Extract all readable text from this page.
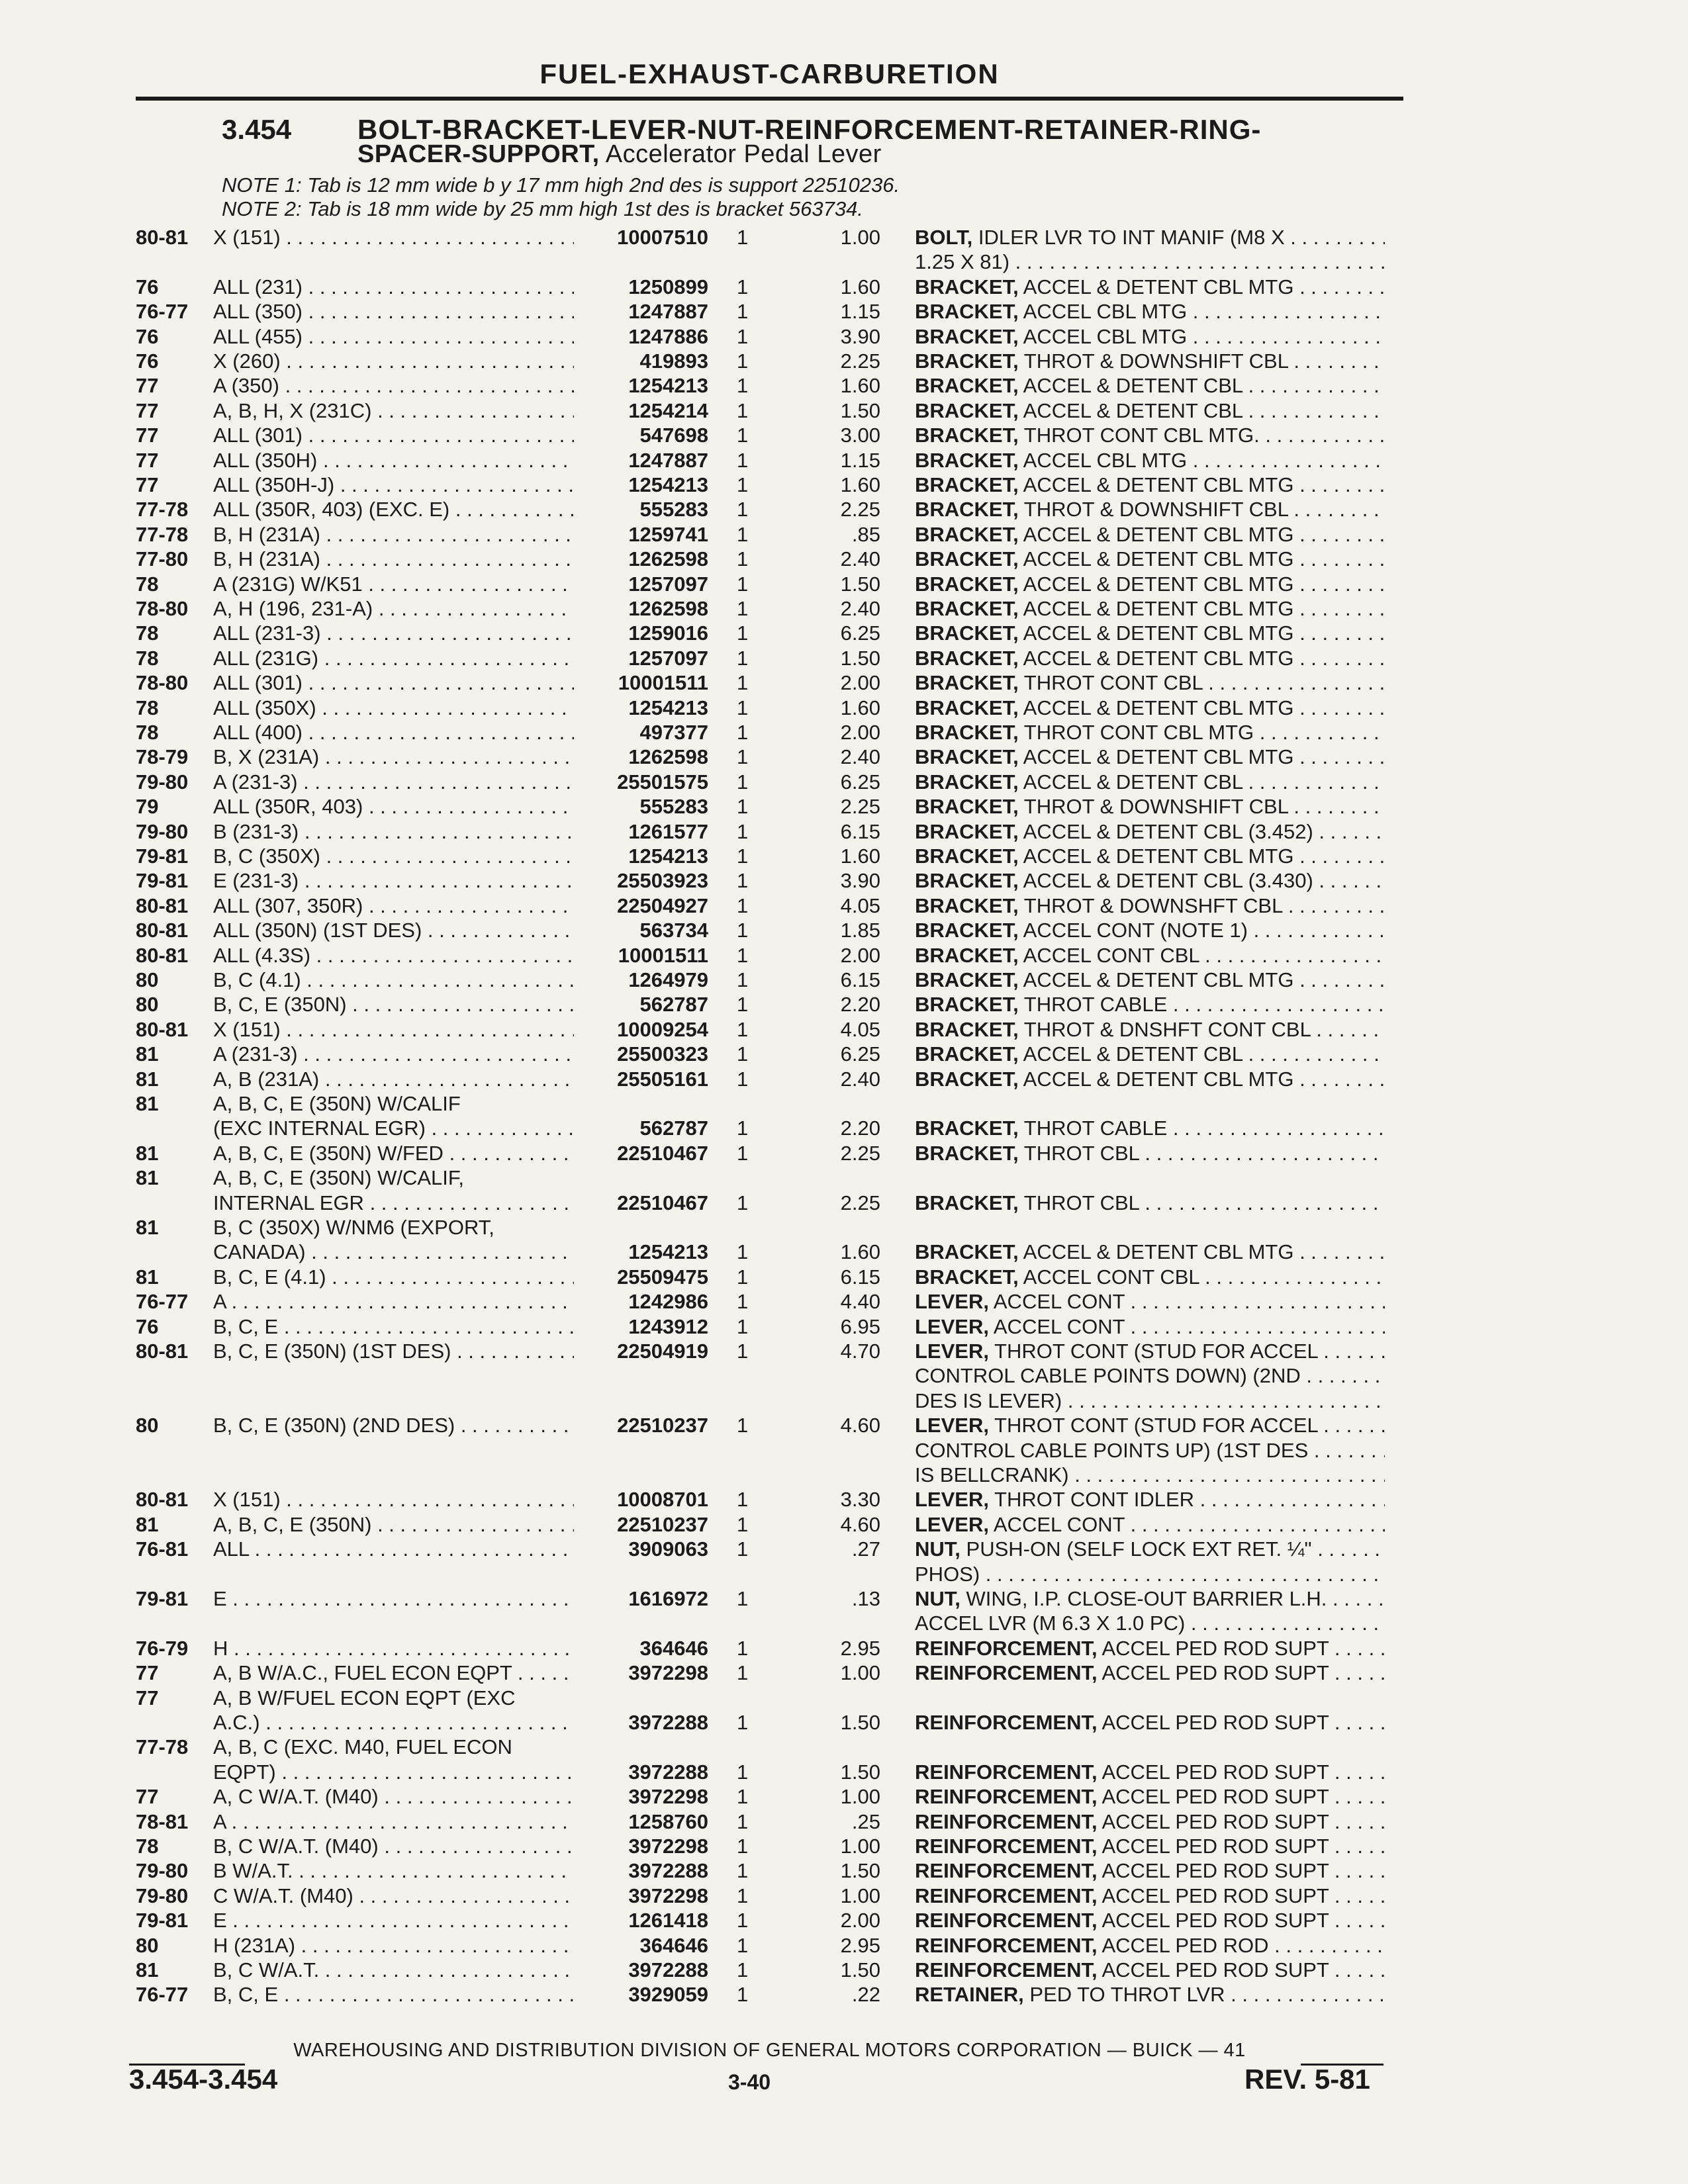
FUEL-EXHAUST-CARBURETION
3.454 BOLT-BRACKET-LEVER-NUT-REINFORCEMENT-RETAINER-RING-
SPACER-SUPPORT, Accelerator Pedal Lever
NOTE 1: Tab is 12 mm wide b y 17 mm high 2nd des is support 22510236.
NOTE 2: Tab is 18 mm wide by 25 mm high 1st des is bracket 563734.
80-81 X (151) . . .	10007510 1	1.00 BOLT, IDLER LVR TO INT MANIF (M8 X . . .
1.25 X 81) . . .
76	ALL (231) . . .	1250899 1	1.60 BRACKET, ACCEL & DETENT CBL MTG . . .
76-77 ALL (350) . . .	1247887 1	1.15 BRACKET, ACCEL CBL MTG . . .
76	ALL (455) . . .	1247886 1	3.90 BRACKET, ACCEL CBL MTG . . .
76	X (260) . . .	419893 1	2.25 BRACKET, THROT & DOWNSHIFT CBL . . .
77	A (350) . . .	1254213 1	1.60 BRACKET, ACCEL & DETENT CBL . . .
77	A, B, H, X (231C) . . .	1254214 1	1.50 BRACKET, ACCEL & DETENT CBL . . .
77	ALL (301) . . .	547698 1	3.00 BRACKET, THROT CONT CBL MTG. . . .
77	ALL (350H) . . .	1247887 1	1.15 BRACKET, ACCEL CBL MTG . . .
77	ALL (350H-J) . . .	1254213 1	1.60 BRACKET, ACCEL & DETENT CBL MTG . . .
77-78 ALL (350R, 403) (EXC. E) . . .	555283 1	2.25 BRACKET, THROT & DOWNSHIFT CBL . . .
77-78 B, H (231A) . . .	1259741 1	.85 BRACKET, ACCEL & DETENT CBL MTG . . .
77-80 B, H (231A) . . .	1262598 1	2.40 BRACKET, ACCEL & DETENT CBL MTG . . .
78	A (231G) W/K51 . . .	1257097 1	1.50 BRACKET, ACCEL & DETENT CBL MTG . . .
78-80 A, H (196, 231-A) . . .	1262598 1	2.40 BRACKET, ACCEL & DETENT CBL MTG . . .
78	ALL (231-3) . . .	1259016 1	6.25 BRACKET, ACCEL & DETENT CBL MTG . . .
78	ALL (231G) . . .	1257097 1	1.50 BRACKET, ACCEL & DETENT CBL MTG . . .
78-80 ALL (301) . . .	10001511 1	2.00 BRACKET, THROT CONT CBL . . .
78	ALL (350X) . . .	1254213 1	1.60 BRACKET, ACCEL & DETENT CBL MTG . . .
78	ALL (400) . . .	497377 1	2.00 BRACKET, THROT CONT CBL MTG . . .
78-79 B, X (231A) . . .	1262598 1	2.40 BRACKET, ACCEL & DETENT CBL MTG . . .
79-80 A (231-3) . . .	25501575 1	6.25 BRACKET, ACCEL & DETENT CBL . . .
79	ALL (350R, 403) . . .	555283 1	2.25 BRACKET, THROT & DOWNSHIFT CBL . . .
79-80 B (231-3) . . .	1261577 1	6.15 BRACKET, ACCEL & DETENT CBL (3.452) . . .
79-81 B, C (350X) . . .	1254213 1	1.60 BRACKET, ACCEL & DETENT CBL MTG . . .
79-81 E (231-3) . . .	25503923 1	3.90 BRACKET, ACCEL & DETENT CBL (3.430) . . .
80-81 ALL (307, 350R) . . .	22504927 1	4.05 BRACKET, THROT & DOWNSHFT CBL . . .
80-81 ALL (350N) (1ST DES) . . .	563734 1	1.85 BRACKET, ACCEL CONT (NOTE 1) . . .
80-81 ALL (4.3S) . . .	10001511 1	2.00 BRACKET, ACCEL CONT CBL . . .
80	B, C (4.1) . . .	1264979 1	6.15 BRACKET, ACCEL & DETENT CBL MTG . . .
80	B, C, E (350N) . . .	562787 1	2.20 BRACKET, THROT CABLE . . .
80-81 X (151) . . .	10009254 1	4.05 BRACKET, THROT & DNSHFT CONT CBL . . .
81	A (231-3) . . .	25500323 1	6.25 BRACKET, ACCEL & DETENT CBL . . .
81	A, B (231A) . . .	25505161 1	2.40 BRACKET, ACCEL & DETENT CBL MTG . . .
81	A, B, C, E (350N) W/CALIF
(EXC INTERNAL EGR) . . .	562787 1	2.20 BRACKET, THROT CABLE . . .
81	A, B, C, E (350N) W/FED . . .	22510467 1	2.25 BRACKET, THROT CBL . . .
81	A, B, C, E (350N) W/CALIF,
INTERNAL EGR . . .	22510467 1	2.25 BRACKET, THROT CBL . . .
81	B, C (350X) W/NM6 (EXPORT,
CANADA) . . .	1254213 1	1.60 BRACKET, ACCEL & DETENT CBL MTG . . .
81	B, C, E (4.1) . . .	25509475 1	6.15 BRACKET, ACCEL CONT CBL . . .
76-77 A . . .	1242986 1	4.40 LEVER, ACCEL CONT . . .
76	B, C, E . . .	1243912 1	6.95 LEVER, ACCEL CONT . . .
80-81 B, C, E (350N) (1ST DES) . . .	22504919 1	4.70 LEVER, THROT CONT (STUD FOR ACCEL . . .
CONTROL CABLE POINTS DOWN) (2ND . . .
DES IS LEVER) . . .
80	B, C, E (350N) (2ND DES) . . .	22510237 1	4.60 LEVER, THROT CONT (STUD FOR ACCEL . . .
CONTROL CABLE POINTS UP) (1ST DES . . .
IS BELLCRANK) . . .
80-81 X (151) . . .	10008701 1	3.30 LEVER, THROT CONT IDLER . . .
81	A, B, C, E (350N) . . .	22510237 1	4.60 LEVER, ACCEL CONT . . .
76-81 ALL . . .	3909063 1	.27 NUT, PUSH-ON (SELF LOCK EXT RET. ¼" . . .
PHOS) . . .
79-81 E . . .	1616972 1	.13 NUT, WING, I.P. CLOSE-OUT BARRIER L.H. . . .
ACCEL LVR (M 6.3 X 1.0 PC) . . .
76-79 H . . .	364646 1	2.95 REINFORCEMENT, ACCEL PED ROD SUPT . . .
77	A, B W/A.C., FUEL ECON EQPT . . .	3972298 1	1.00 REINFORCEMENT, ACCEL PED ROD SUPT . . .
77	A, B W/FUEL ECON EQPT (EXC
A.C.) . . .	3972288 1	1.50 REINFORCEMENT, ACCEL PED ROD SUPT . . .
77-78 A, B, C (EXC. M40, FUEL ECON
EQPT) . . .	3972288 1	1.50 REINFORCEMENT, ACCEL PED ROD SUPT . . .
77	A, C W/A.T. (M40) . . .	3972298 1	1.00 REINFORCEMENT, ACCEL PED ROD SUPT . . .
78-81 A . . .	1258760 1	.25 REINFORCEMENT, ACCEL PED ROD SUPT . . .
78	B, C W/A.T. (M40) . . .	3972298 1	1.00 REINFORCEMENT, ACCEL PED ROD SUPT . . .
79-80 B W/A.T. . . .	3972288 1	1.50 REINFORCEMENT, ACCEL PED ROD SUPT . . .
79-80 C W/A.T. (M40) . . .	3972298 1	1.00 REINFORCEMENT, ACCEL PED ROD SUPT . . .
79-81 E . . .	1261418 1	2.00 REINFORCEMENT, ACCEL PED ROD SUPT . . .
80	H (231A) . . .	364646 1	2.95 REINFORCEMENT, ACCEL PED ROD . . .
81	B, C W/A.T. . . .	3972288 1	1.50 REINFORCEMENT, ACCEL PED ROD SUPT . . .
76-77 B, C, E . . .	3929059 1	.22 RETAINER, PED TO THROT LVR . . .
WAREHOUSING AND DISTRIBUTION DIVISION OF GENERAL MOTORS CORPORATION — BUICK — 41
3.454-3.454	3-40	REV. 5-81
